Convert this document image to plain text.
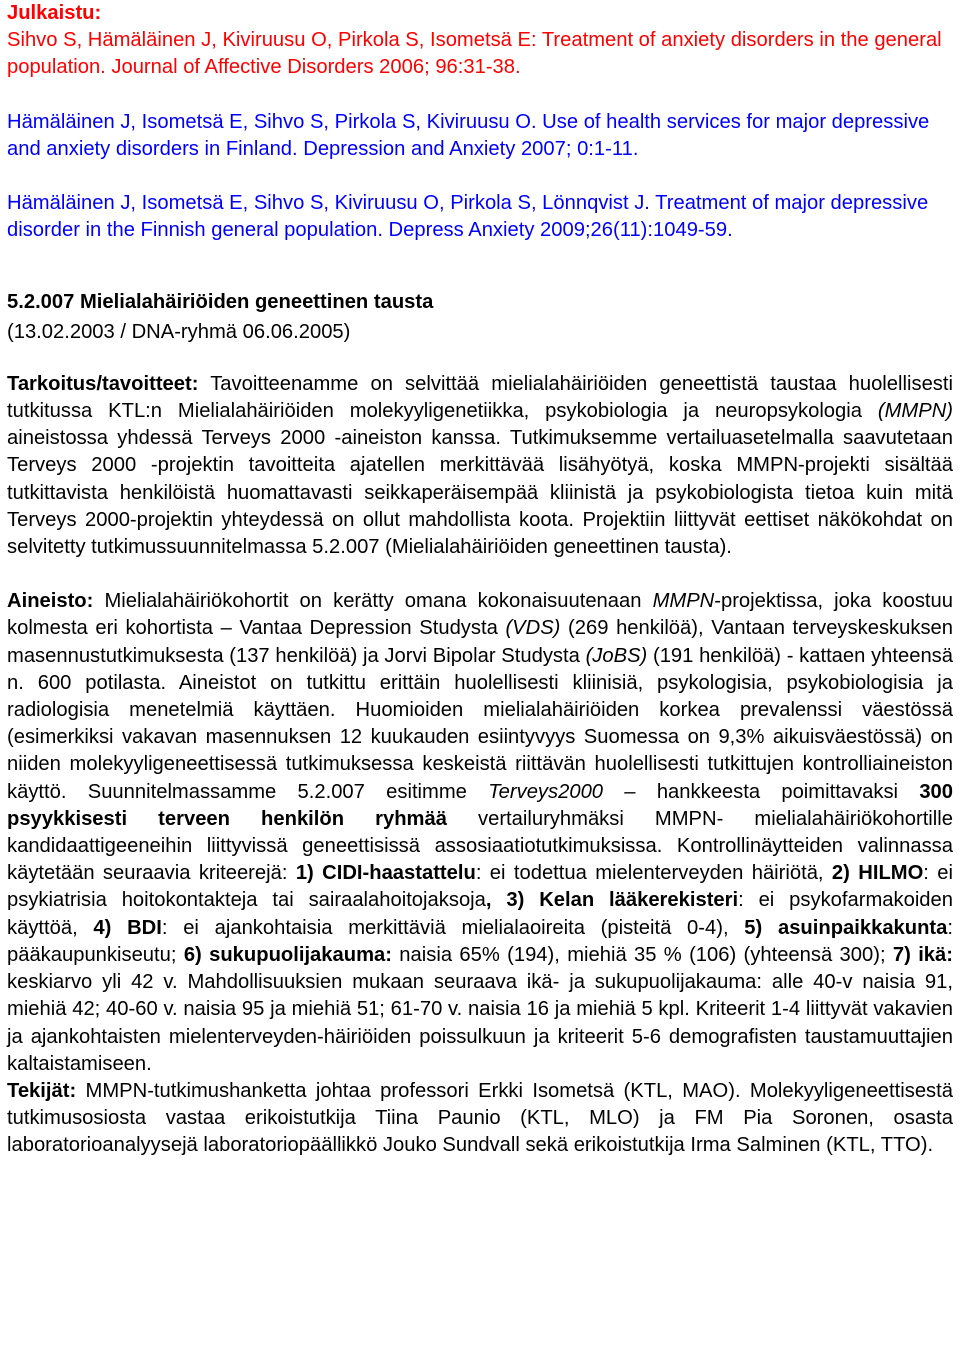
Julkaistu:

Sihvo S, Hämäläinen J, Kiviruusu O, Pirkola S, Isometsä E: Treatment of anxiety disorders in the general population. Journal of Affective Disorders 2006; 96:31-38.

Hämäläinen J, Isometsä E, Sihvo S, Pirkola S, Kiviruusu O. Use of health services for major depressive and anxiety disorders in Finland. Depression and Anxiety 2007; 0:1-11.

Hämäläinen J, Isometsä E, Sihvo S, Kiviruusu O, Pirkola S, Lönnqvist J. Treatment of major depressive disorder in the Finnish general population. Depress Anxiety 2009;26(11):1049-59.

5.2.007 Mielialahäiriöiden geneettinen tausta

(13.02.2003 / DNA-ryhmä 06.06.2005)

Tarkoitus/tavoitteet: Tavoitteenamme on selvittää mielialahäiriöiden geneettistä taustaa huolellisesti tutkitussa KTL:n Mielialahäiriöiden molekyyligenetiikka, psykobiologia ja neuropsykologia (MMPN) aineistossa yhdessä Terveys 2000 -aineiston kanssa. Tutkimuksemme vertailuasetelmalla saavutetaan Terveys 2000 -projektin tavoitteita ajatellen merkittävää lisähyötyä, koska MMPN-projekti sisältää tutkittavista henkilöistä huomattavasti seikkaperäisempää kliinistä ja psykobiologista tietoa kuin mitä Terveys 2000-projektin yhteydessä on ollut mahdollista koota. Projektiin liittyvät eettiset näkökohdat on selvitetty tutkimussuunnitelmassa 5.2.007 (Mielialahäiriöiden geneettinen tausta).

Aineisto: Mielialahäiriökohortit on kerätty omana kokonaisuutenaan MMPN-projektissa, joka koostuu kolmesta eri kohortista – Vantaa Depression Studysta (VDS) (269 henkilöä), Vantaan terveyskeskuksen masennustutkimuksesta (137 henkilöä) ja Jorvi Bipolar Studysta (JoBS) (191 henkilöä) - kattaen yhteensä n. 600 potilasta. Aineistot on tutkittu erittäin huolellisesti kliinisiä, psykologisia, psykobiologisia ja radiologisia menetelmiä käyttäen. Huomioiden mielialahäiriöiden korkea prevalenssi väestössä (esimerkiksi vakavan masennuksen 12 kuukauden esiintyvyys Suomessa on 9,3% aikuisväestössä) on niiden molekyyligeneettisessä tutkimuksessa keskeistä riittävän huolellisesti tutkittujen kontrolliaineiston käyttö. Suunnitelmassamme 5.2.007 esitimme Terveys2000 – hankkeesta poimittavaksi 300 psyykkisesti terveen henkilön ryhmää vertailuryhmäksi MMPN- mielialahäiriökohortille kandidaattigeeneihin liittyvissä geneettisissä assosiaatiotutkimuksissa. Kontrollinäytteiden valinnassa käytetään seuraavia kriteerejä: 1) CIDI-haastattelu: ei todettua mielenterveyden häiriötä, 2) HILMO: ei psykiatrisia hoitokontakteja tai sairaalahoitojaksoja, 3) Kelan lääkerekisteri: ei psykofarmakoiden käyttöä, 4) BDI: ei ajankohtaisia merkittäviä mielialaoireita (pisteitä 0-4), 5) asuinpaikkakunta: pääkaupunkiseutu; 6) sukupuolijakauma: naisia 65% (194), miehiä 35 % (106) (yhteensä 300); 7) ikä: keskiarvo yli 42 v. Mahdollisuuksien mukaan seuraava ikä- ja sukupuolijakauma: alle 40-v naisia 91, miehiä 42; 40-60 v. naisia 95 ja miehiä 51; 61-70 v. naisia 16 ja miehiä 5 kpl. Kriteerit 1-4 liittyvät vakavien ja ajankohtaisten mielenterveyden-häiriöiden poissulkuun ja kriteerit 5-6 demografisten taustamuuttajien kaltaistamiseen.

Tekijät: MMPN-tutkimushanketta johtaa professori Erkki Isometsä (KTL, MAO). Molekyyligeneettisestä tutkimusosiosta vastaa erikoistutkija Tiina Paunio (KTL, MLO) ja FM Pia Soronen, osasta laboratorioanalyysejä laboratoriopäällikkö Jouko Sundvall sekä erikoistutkija Irma Salminen (KTL, TTO).
